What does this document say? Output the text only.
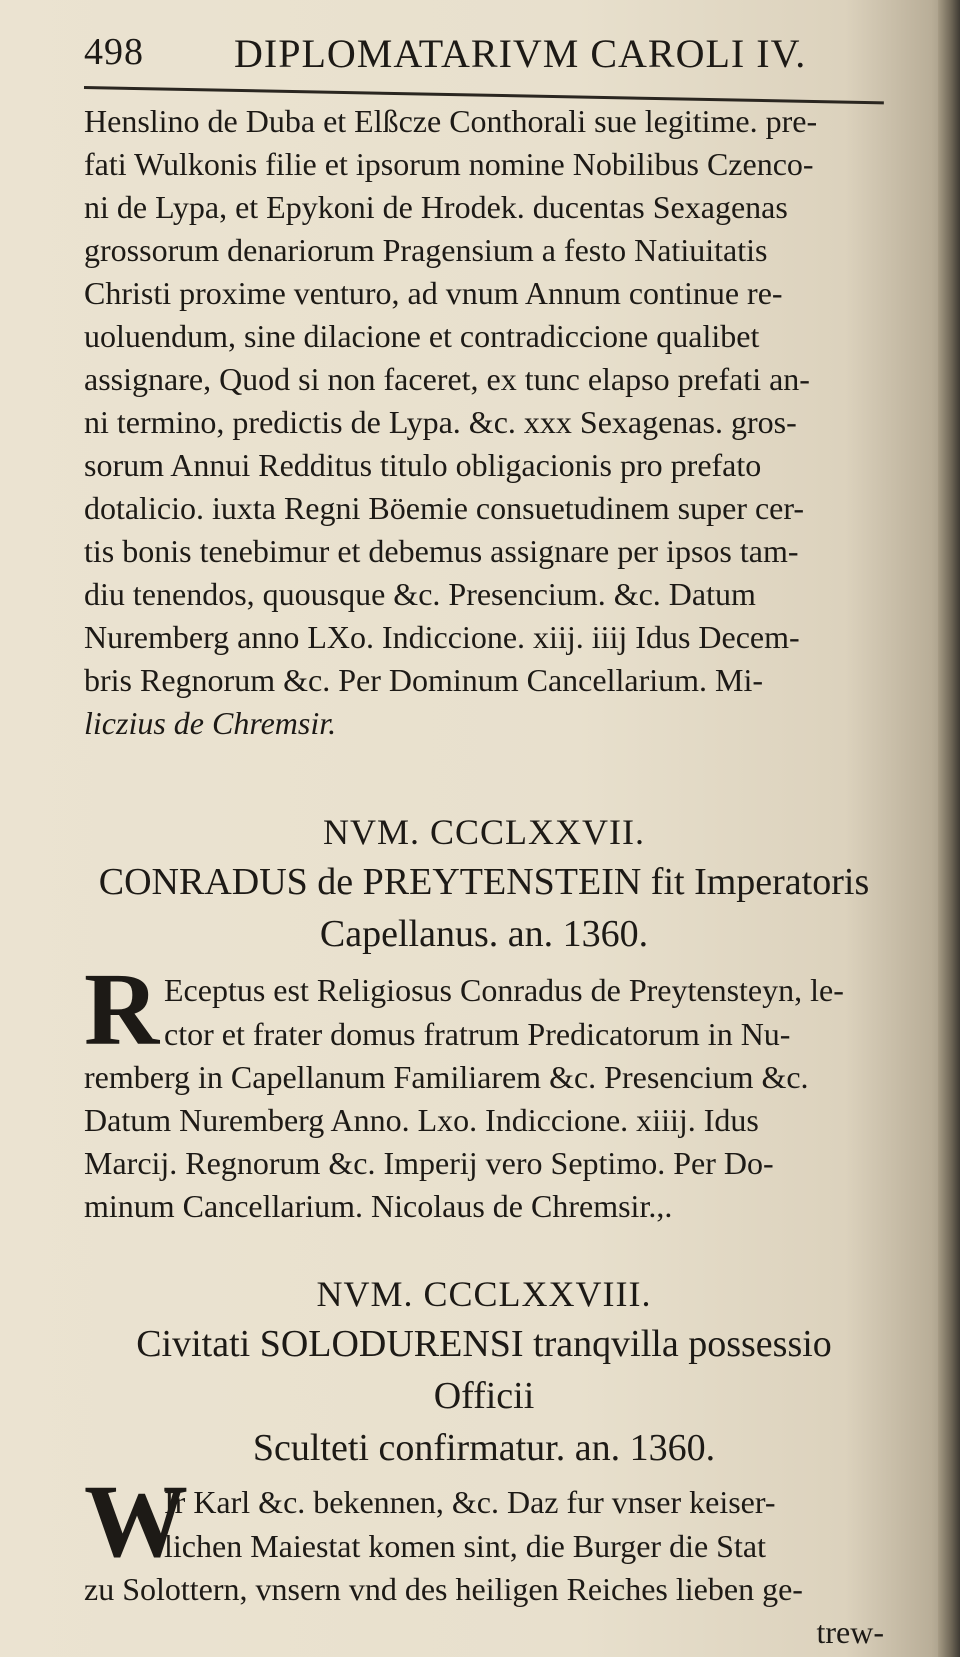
498 DIPLOMATARIVM CAROLI IV.
Henslino de Duba et Elßcze Conthorali sue legitime. pre-
fati Wulkonis filie et ipsorum nomine Nobilibus Czenco-
ni de Lypa, et Epykoni de Hrodek. ducentas Sexagenas
grossorum denariorum Pragensium a festo Natiuitatis
Christi proxime venturo, ad vnum Annum continue re-
uoluendum, sine dilacione et contradiccione qualibet
assignare, Quod si non faceret, ex tunc elapso prefati an-
ni termino, predictis de Lypa. &c. xxx Sexagenas. gros-
sorum Annui Redditus titulo obligacionis pro prefato
dotalicio. iuxta Regni Böemie consuetudinem super cer-
tis bonis tenebimur et debemus assignare per ipsos tam-
diu tenendos, quousque &c. Presencium. &c. Datum
Nuremberg anno LXo. Indiccione. xiij. iiij Idus Decem-
bris Regnorum &c. Per Dominum Cancellarium. Mi-
liczius de Chremsir.
NVM. CCCLXXVII.
CONRADUS de PREYTENSTEIN fit Imperatoris
Capellanus. an. 1360.
R Eceptus est Religiosus Conradus de Preytensteyn, le-
ctor et frater domus fratrum Predicatorum in Nu-
remberg in Capellanum Familiarem &c. Presencium &c.
Datum Nuremberg Anno. Lxo. Indiccione. xiiij. Idus
Marcij. Regnorum &c. Imperij vero Septimo. Per Do-
minum Cancellarium. Nicolaus de Chremsir.,.
NVM. CCCLXXVIII.
Civitati SOLODURENSI tranqvilla possessio Officii
Sculteti confirmatur. an. 1360.
W
Ir Karl &c. bekennen, &c. Daz fur vnser keiser-
lichen Maiestat komen sint, die Burger die Stat
zu Solottern, vnsern vnd des heiligen Reiches lieben ge-
trew-
